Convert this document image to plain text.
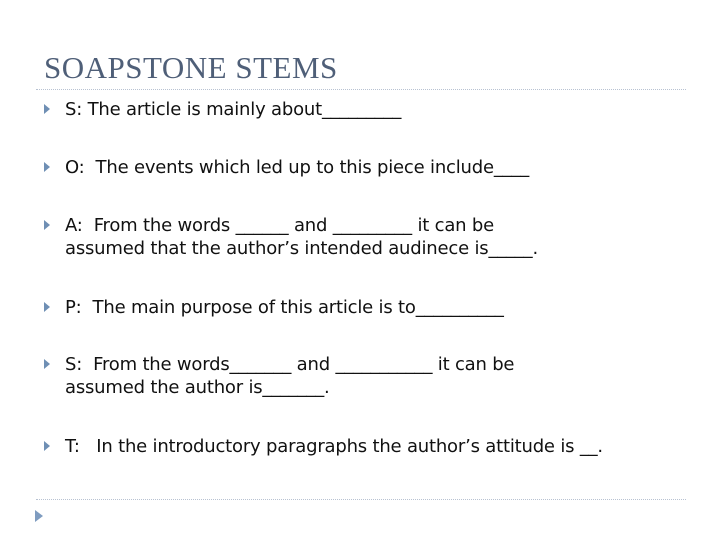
SOAPSTONE STEMS
S: The article is mainly about_________
O:  The events which led up to this piece include____
A:  From the words ______ and _________ it can be
assumed that the author’s intended audinece is_____.
P:  The main purpose of this article is to__________
S:  From the words_______ and ___________ it can be
assumed the author is_______.
T:   In the introductory paragraphs the author’s attitude is __.
